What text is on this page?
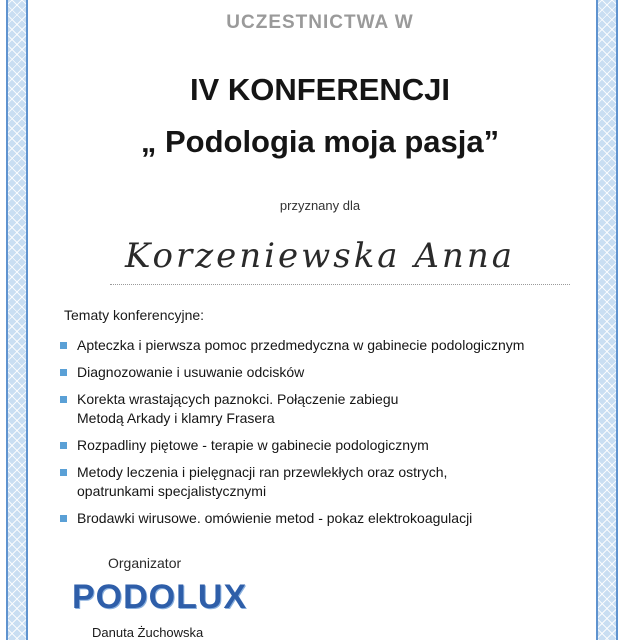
UCZESTNICTWA W
IV KONFERENCJI
„ Podologia moja pasja”
przyznany dla
Korzeniewska Anna
Tematy konferencyjne:
Apteczka i pierwsza pomoc przedmedyczna w gabinecie podologicznym
Diagnozowanie i usuwanie odcisków
Korekta wrastających paznokci. Połączenie zabiegu
Metodą Arkady i klamry Frasera
Rozpadliny piętowe - terapie w gabinecie podologicznym
Metody leczenia i pielęgnacji ran przewlekłych oraz ostrych,
opatrunkami specjalistycznymi
Brodawki wirusowe. omówienie metod - pokaz elektrokoagulacji
Organizator
PODOLUX
Danuta Żuchowska
